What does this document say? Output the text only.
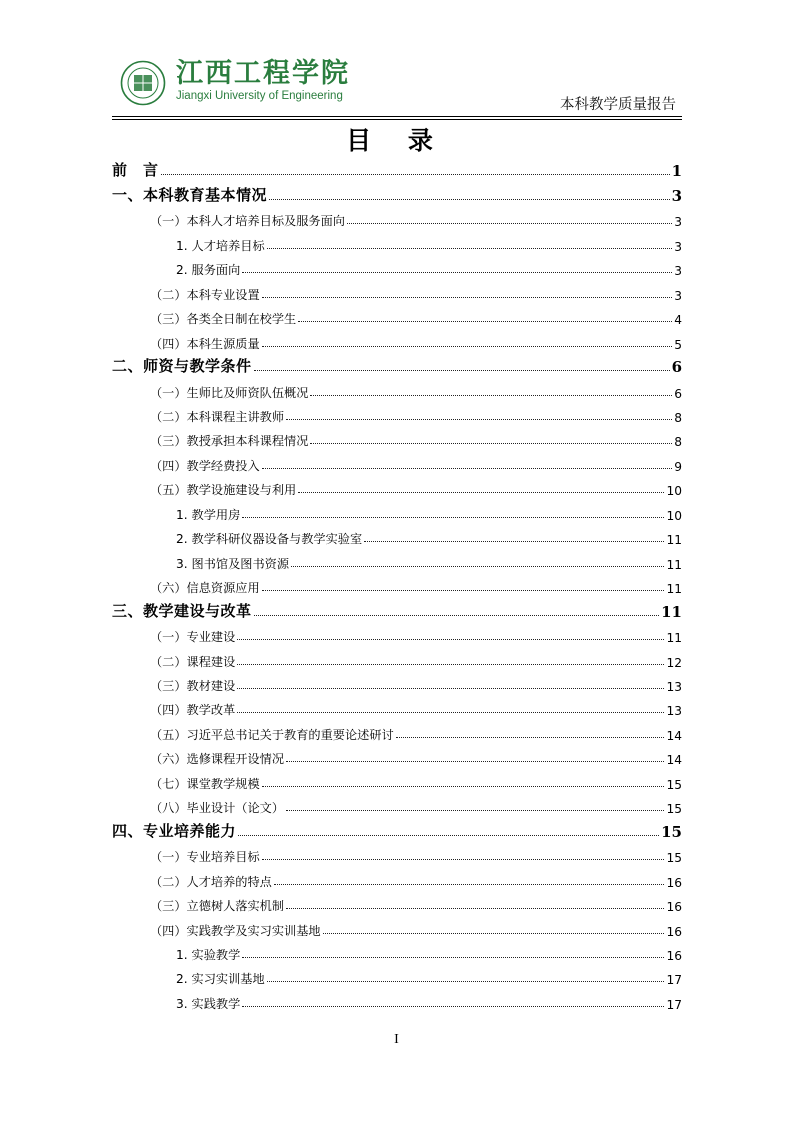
江西工程学院
Jiangxi University of Engineering
本科教学质量报告
目 录
前　言	1
一、本科教育基本情况	3
（一）本科人才培养目标及服务面向	3
1. 人才培养目标	3
2. 服务面向	3
（二）本科专业设置	3
（三）各类全日制在校学生	4
（四）本科生源质量	5
二、师资与教学条件	6
（一）生师比及师资队伍概况	6
（二）本科课程主讲教师	8
（三）教授承担本科课程情况	8
（四）教学经费投入	9
（五）教学设施建设与利用	10
1. 教学用房	10
2. 教学科研仪器设备与教学实验室	11
3. 图书馆及图书资源	11
（六）信息资源应用	11
三、教学建设与改革	11
（一）专业建设	11
（二）课程建设	12
（三）教材建设	13
（四）教学改革	13
（五）习近平总书记关于教育的重要论述研讨	14
（六）选修课程开设情况	14
（七）课堂教学规模	15
（八）毕业设计（论文）	15
四、专业培养能力	15
（一）专业培养目标	15
（二）人才培养的特点	16
（三）立德树人落实机制	16
（四）实践教学及实习实训基地	16
1. 实验教学	16
2. 实习实训基地	17
3. 实践教学	17
I
